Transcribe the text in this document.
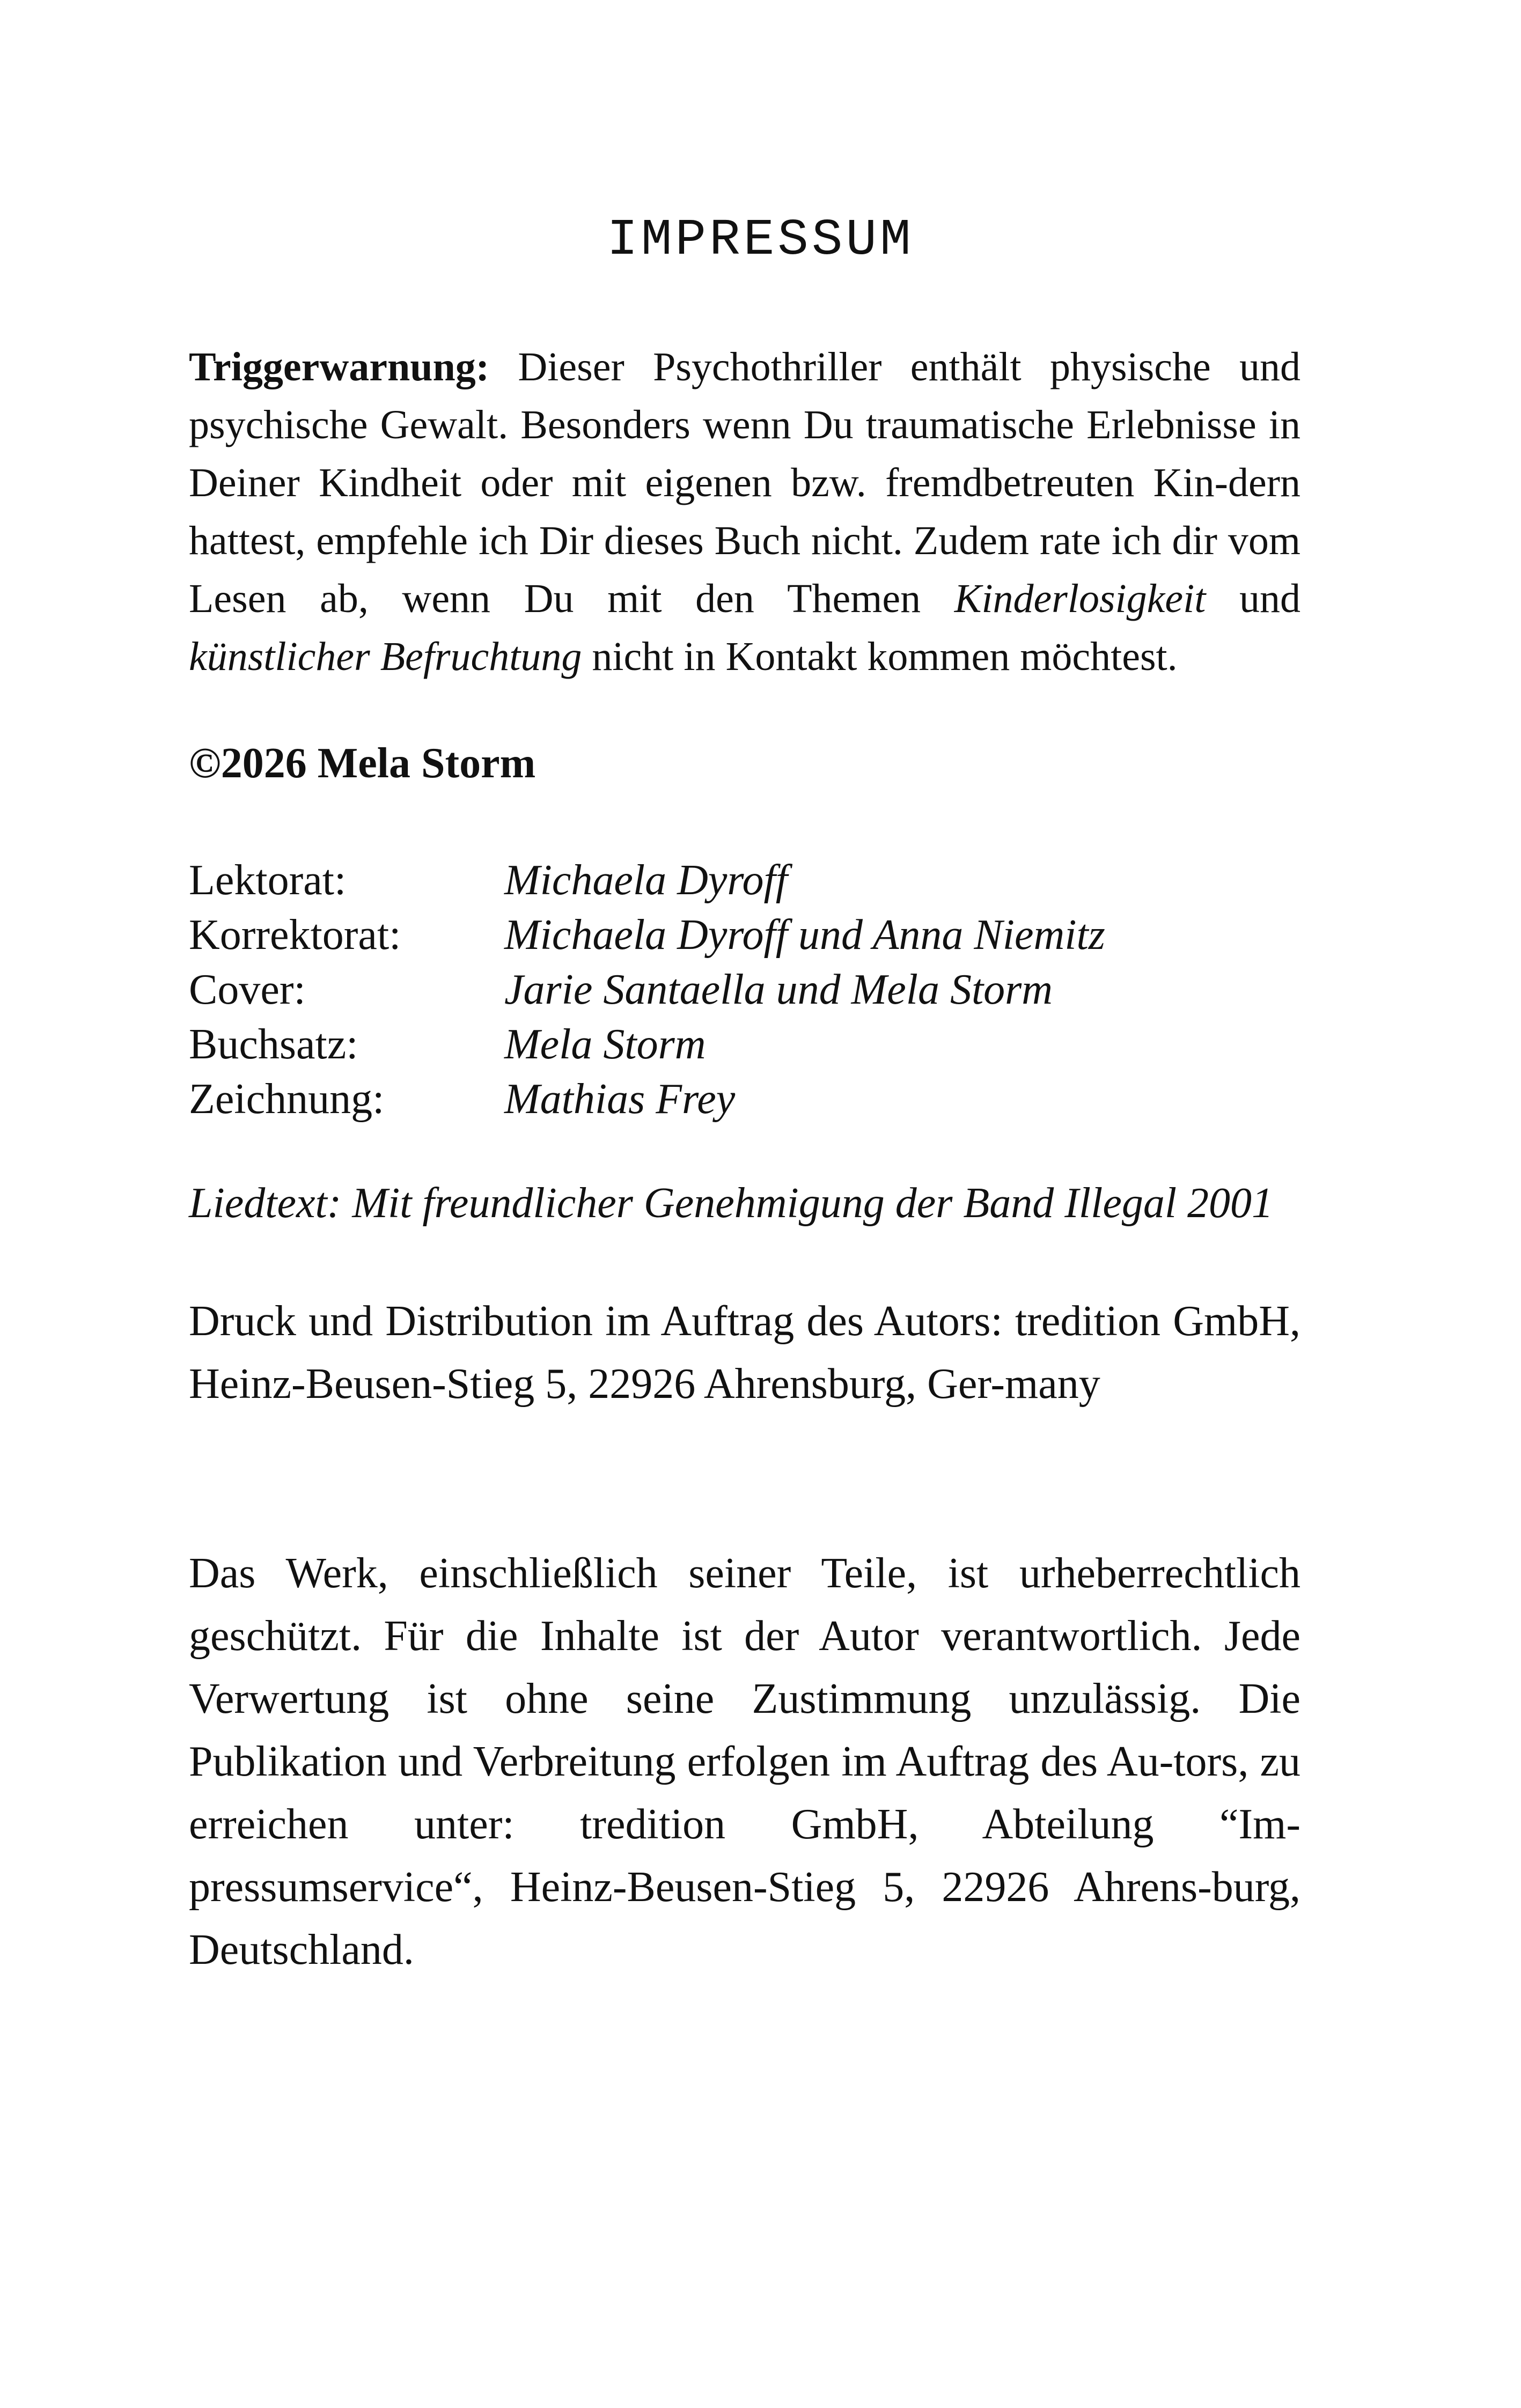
IMPRESSUM

Triggerwarnung: Dieser Psychothriller enthält physische und psychische Gewalt. Besonders wenn Du traumatische Erlebnisse in Deiner Kindheit oder mit eigenen bzw. fremdbetreuten Kin-dern hattest, empfehle ich Dir dieses Buch nicht. Zudem rate ich dir vom Lesen ab, wenn Du mit den Themen Kinderlosigkeit und künstlicher Befruchtung nicht in Kontakt kommen möchtest.

©2026 Mela Storm

Lektorat:	Michaela Dyroff
Korrektorat:	Michaela Dyroff und Anna Niemitz
Cover:	Jarie Santaella und Mela Storm
Buchsatz:	Mela Storm
Zeichnung:	Mathias Frey

Liedtext: Mit freundlicher Genehmigung der Band Illegal 2001

Druck und Distribution im Auftrag des Autors: tredition GmbH, Heinz-Beusen-Stieg 5, 22926 Ahrensburg, Ger-many

Das Werk, einschließlich seiner Teile, ist urheberrechtlich geschützt. Für die Inhalte ist der Autor verantwortlich. Jede Verwertung ist ohne seine Zustimmung unzulässig. Die Publikation und Verbreitung erfolgen im Auftrag des Au-tors, zu erreichen unter: tredition GmbH, Abteilung “Im-pressumservice“, Heinz-Beusen-Stieg 5, 22926 Ahrens-burg, Deutschland.
